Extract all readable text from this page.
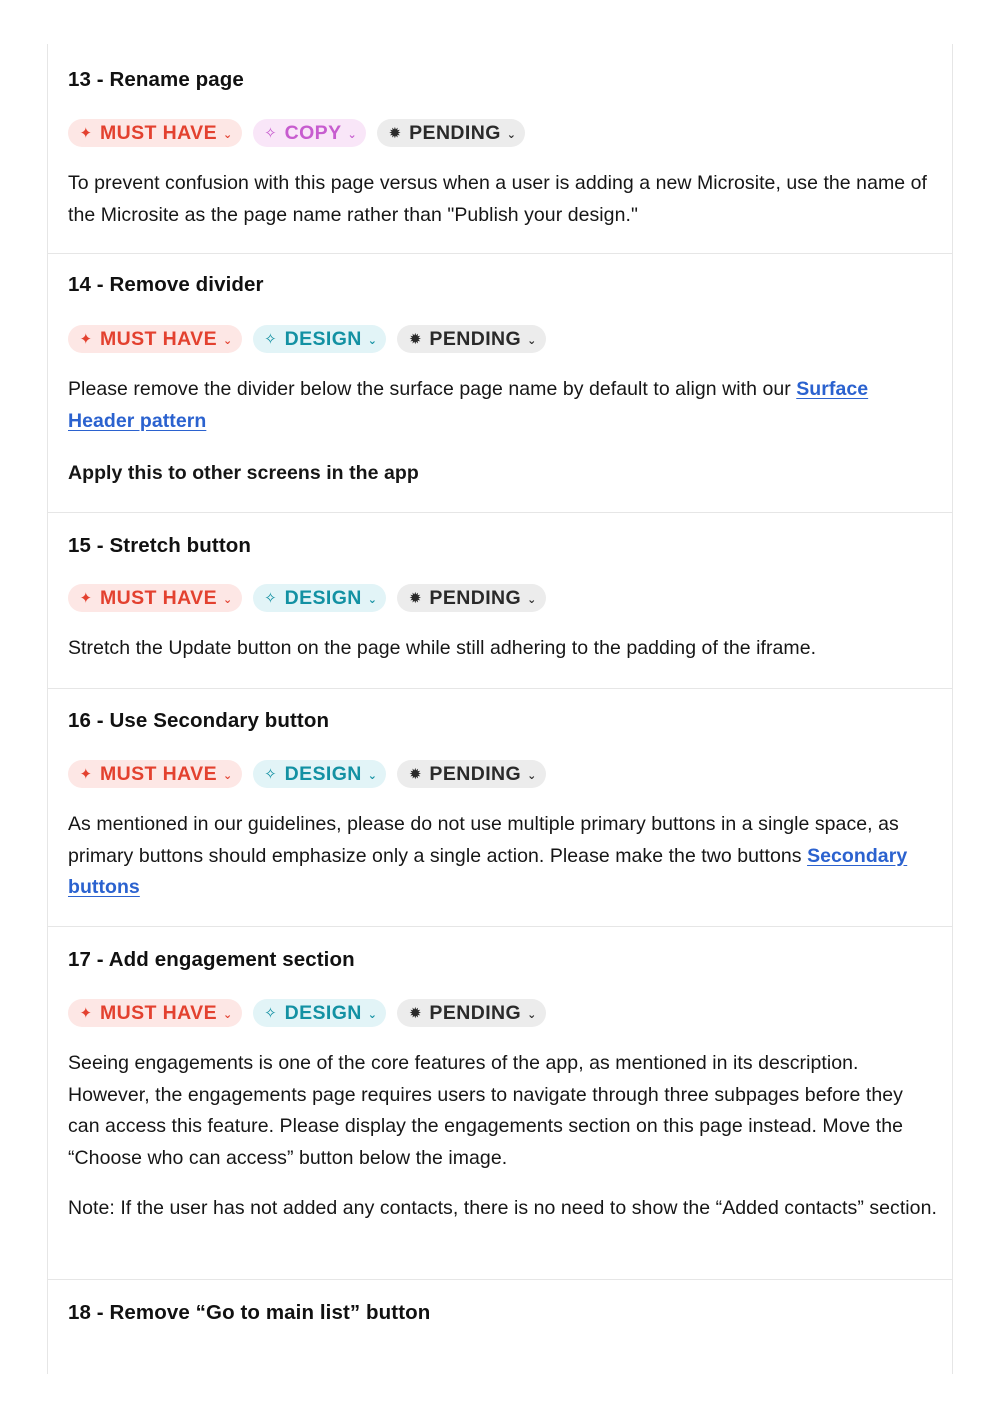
13 - Rename page
✦ MUST HAVE ⌄ ✧ COPY ⌄ ✹ PENDING ⌄
To prevent confusion with this page versus when a user is adding a new Microsite, use the name of the Microsite as the page name rather than "Publish your design."
14 - Remove divider
✦ MUST HAVE ⌄ ✧ DESIGN ⌄ ✹ PENDING ⌄
Please remove the divider below the surface page name by default to align with our Surface Header pattern
Apply this to other screens in the app
15 - Stretch button
✦ MUST HAVE ⌄ ✧ DESIGN ⌄ ✹ PENDING ⌄
Stretch the Update button on the page while still adhering to the padding of the iframe.
16 - Use Secondary button
✦ MUST HAVE ⌄ ✧ DESIGN ⌄ ✹ PENDING ⌄
As mentioned in our guidelines, please do not use multiple primary buttons in a single space, as primary buttons should emphasize only a single action. Please make the two buttons Secondary buttons
17 - Add engagement section
✦ MUST HAVE ⌄ ✧ DESIGN ⌄ ✹ PENDING ⌄
Seeing engagements is one of the core features of the app, as mentioned in its description. However, the engagements page requires users to navigate through three subpages before they can access this feature. Please display the engagements section on this page instead. Move the “Choose who can access” button below the image.
Note: If the user has not added any contacts, there is no need to show the “Added contacts” section.
18 - Remove “Go to main list” button
